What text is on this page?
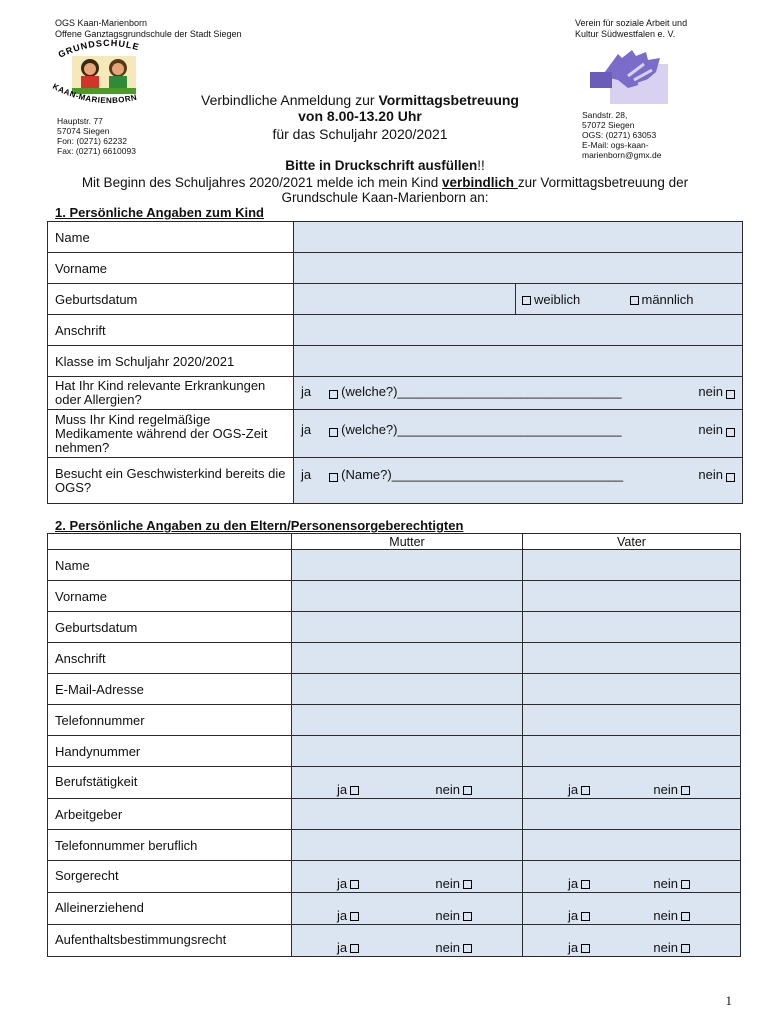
OGS Kaan-Marienborn
Offene Ganztagsgrundschule der Stadt Siegen
GRUNDSCHULE
KAAN-MARIENBORN
Hauptstr. 77
57074 Siegen
Fon: (0271) 62232
Fax: (0271) 6610093
Verein für soziale Arbeit und
Kultur Südwestfalen e. V.
Sandstr. 28,
57072 Siegen
OGS: (0271) 63053
E-Mail: ogs-kaan-
marienborn@gmx.de
Verbindliche Anmeldung zur Vormittagsbetreuung
von 8.00-13.20 Uhr
für das Schuljahr 2020/2021
Bitte in Druckschrift ausfüllen!!
Mit Beginn des Schuljahres 2020/2021 melde ich mein Kind verbindlich zur Vormittagsbetreuung der
Grundschule Kaan-Marienborn an:
1. Persönliche Angaben zum Kind
Name		
Vorname		
Geburtsdatum		weiblich männlich
Anschrift		
Klasse im Schuljahr 2020/2021		
Hat Ihr Kind relevante Erkrankungen oder Allergien?	ja (welche?)_______________________________ nein	

Muss Ihr Kind regelmäßige Medikamente während der OGS-Zeit nehmen?	ja (welche?)_______________________________ nein	

Besucht ein Geschwisterkind bereits die OGS?	ja (Name?)________________________________ nein	
2. Persönliche Angaben zu den Eltern/Personensorgeberechtigten
	Mutter	Vater
Name		
Vorname		
Geburtsdatum		
Anschrift		
E-Mail-Adresse		
Telefonnummer		
Handynummer		
Berufstätigkeit	ja nein	ja nein

Arbeitgeber		
Telefonnummer beruflich		
Sorgerecht	ja nein	ja nein

Alleinerziehend	ja nein	ja nein

Aufenthaltsbestimmungsrecht	ja nein	ja nein
1
